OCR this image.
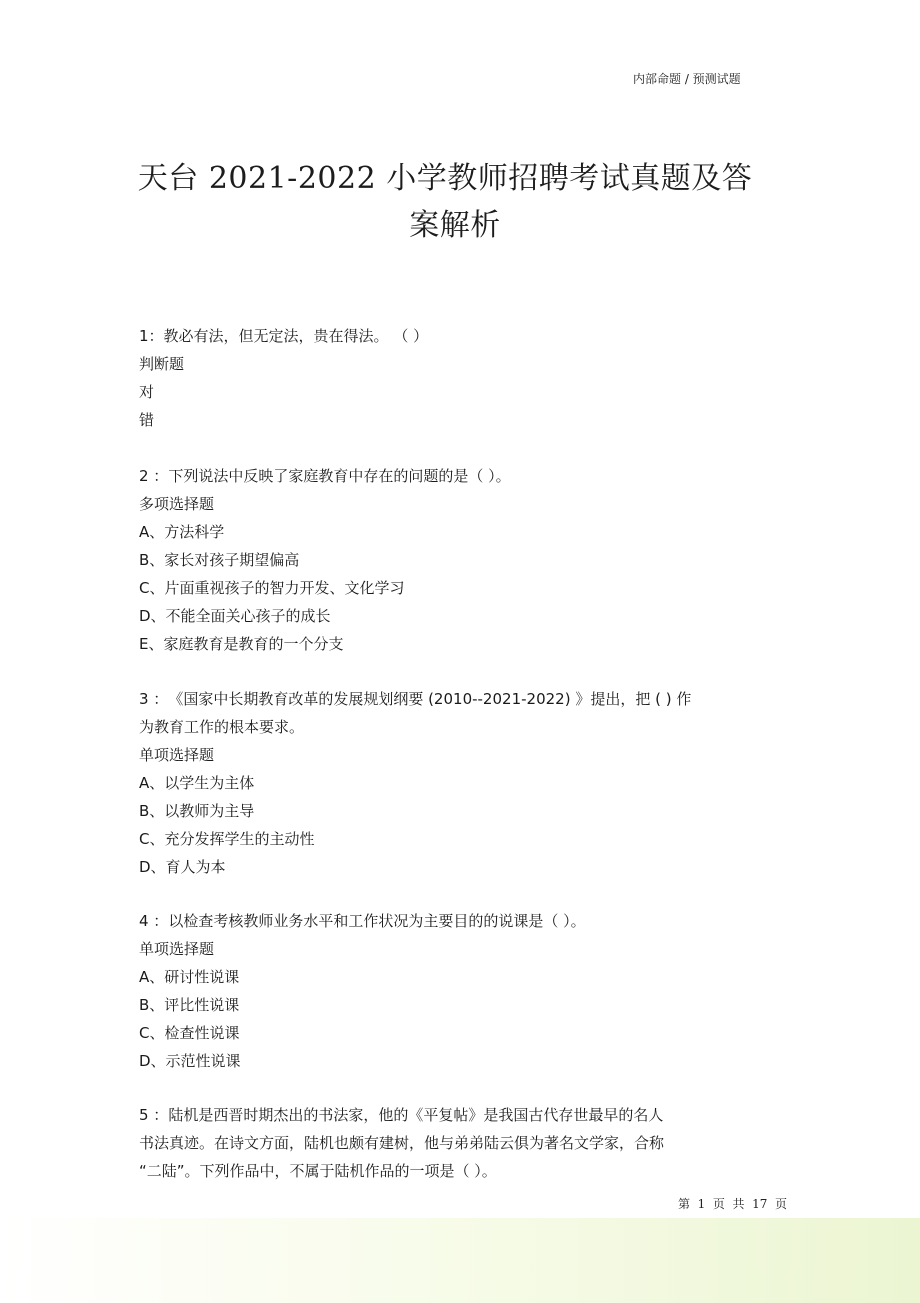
内部命题 / 预测试题
天台 2021-2022 小学教师招聘考试真题及答
案解析
1：教必有法，但无定法，贵在得法。 （ ）
判断题
对
错
2 ：下列说法中反映了家庭教育中存在的问题的是（ ）。
多项选择题
A、方法科学
B、家长对孩子期望偏高
C、片面重视孩子的智力开发、文化学习
D、不能全面关心孩子的成长
E、家庭教育是教育的一个分支
3 ：《国家中长期教育改革的发展规划纲要 (2010--2021-2022) 》提出，把 ( ) 作
为教育工作的根本要求。
单项选择题
A、以学生为主体
B、以教师为主导
C、充分发挥学生的主动性
D、育人为本
4 ：以检查考核教师业务水平和工作状况为主要目的的说课是（ ）。
单项选择题
A、研讨性说课
B、评比性说课
C、检查性说课
D、示范性说课
5 ：陆机是西晋时期杰出的书法家，他的《平复帖》是我国古代存世最早的名人
书法真迹。在诗文方面，陆机也颇有建树，他与弟弟陆云俱为著名文学家，合称
“二陆”。下列作品中，不属于陆机作品的一项是（ ）。
第  1  页  共  17  页
